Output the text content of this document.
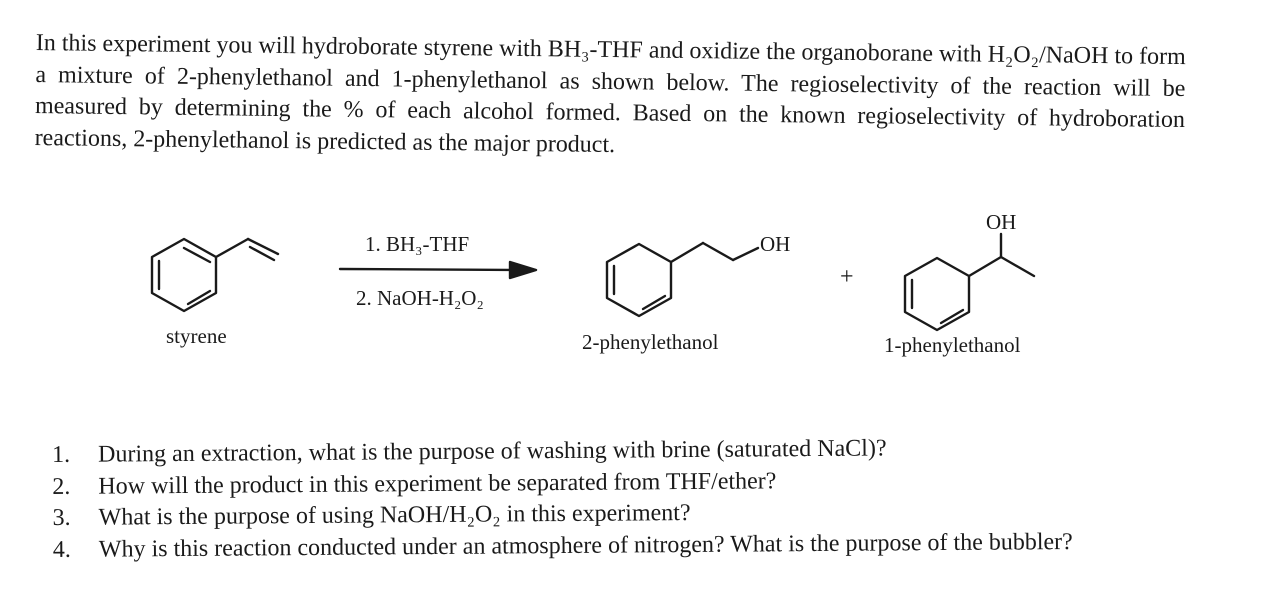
In this experiment you will hydroborate styrene with BH₃-THF and oxidize the organoborane with H₂O₂/NaOH to form a mixture of 2-phenylethanol and 1-phenylethanol as shown below. The regioselectivity of the reaction will be measured by determining the % of each alcohol formed. Based on the known regioselectivity of hydroboration reactions, 2-phenylethanol is predicted as the major product.

1. BH₃-THF
2. NaOH-H₂O₂
OH
+
OH
styrene	2-phenylethanol	1-phenylethanol

1. During an extraction, what is the purpose of washing with brine (saturated NaCl)?

2. How will the product in this experiment be separated from THF/ether?

3. What is the purpose of using NaOH/H₂O₂ in this experiment?

4. Why is this reaction conducted under an atmosphere of nitrogen? What is the purpose of the bubbler?
